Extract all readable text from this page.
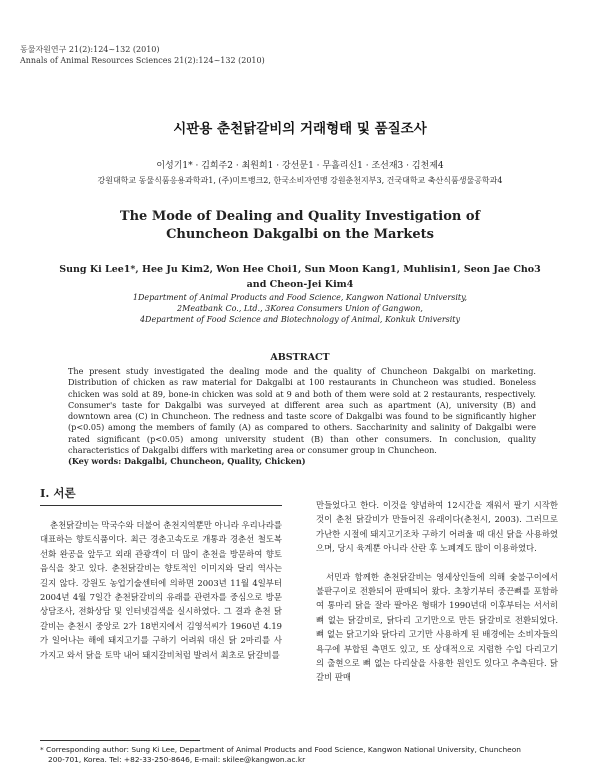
동물자원연구 21(2):124~132 (2010)
Annals of Animal Resources Sciences 21(2):124~132 (2010)
시판용 춘천닭갈비의 거래형태 및 품질조사
이성기1* · 김희주2 · 최원희1 · 강선문1 · 무흘리신1 · 조선재3 · 김천제4
강원대학교 동물식품응용과학과1, (주)미트뱅크2, 한국소비자연맹 강원춘천지부3, 건국대학교 축산식품생물공학과4
The Mode of Dealing and Quality Investigation of
Chuncheon Dakgalbi on the Markets
Sung Ki Lee1*, Hee Ju Kim2, Won Hee Choi1, Sun Moon Kang1, Muhlisin1, Seon Jae Cho3
and Cheon-Jei Kim4
1Department of Animal Products and Food Science, Kangwon National University,
2Meatbank Co., Ltd., 3Korea Consumers Union of Gangwon,
4Department of Food Science and Biotechnology of Animal, Konkuk University
ABSTRACT
The present study investigated the dealing mode and the quality of Chuncheon Dakgalbi on marketing. Distribution of chicken as raw material for Dakgalbi at 100 restaurants in Chuncheon was studied. Boneless chicken was sold at 89, bone-in chicken was sold at 9 and both of them were sold at 2 restaurants, respectively. Consumer's taste for Dakgalbi was surveyed at different area such as apartment (A), university (B) and downtown area (C) in Chuncheon. The redness and taste score of Dakgalbi was found to be significantly higher (p<0.05) among the members of family (A) as compared to others. Saccharinity and salinity of Dakgalbi were rated significant (p<0.05) among university student (B) than other consumers. In conclusion, quality characteristics of Dakgalbi differs with marketing area or consumer group in Chuncheon.
(Key words: Dakgalbi, Chuncheon, Quality, Chicken)
I. 서론

춘천닭갈비는 막국수와 더불어 춘천지역뿐만 아니라 우리나라를 대표하는 향토식품이다. 최근 경춘고속도로 개통과 경춘선 철도복선화 완공을 앞두고 외래 관광객이 더 많이 춘천을 방문하여 향토음식을 찾고 있다. 춘천닭갈비는 향토적인 이미지와 달리 역사는 길지 않다. 강원도 농업기술센터에 의하면 2003년 11월 4일부터 2004년 4월 7일간 춘천닭갈비의 유래를 관련자를 중심으로 방문상담조사, 전화상담 및 인터넷검색을 실시하였다. 그 결과 춘천 닭갈비는 춘천시 중앙로 2가 18번지에서 김영석씨가 1960년 4.19가 일어나는 해에 돼지고기를 구하기 어려워 대신 닭 2마리를 사 가지고 와서 닭을 토막 내어 돼지갈비처럼 발려서 최초로 닭갈비를

만들었다고 한다. 이것을 양념하여 12시간을 재워서 팔기 시작한 것이 춘천 닭갈비가 만들어진 유래이다(춘천시, 2003). 그러므로 가난한 시절에 돼지고기조차 구하기 어려울 때 대신 닭을 사용하였으며, 당시 육계뿐 아니라 산란 후 노폐계도 많이 이용하였다.

서민과 함께한 춘천닭갈비는 영세상인들에 의해 숯불구이에서 불판구이로 전환되어 판매되어 왔다. 초창기부터 중끈뼈를 포함하여 통마리 닭을 잘라 팔아온 형태가 1990년대 이후부터는 서서히 뼈 없는 닭갈비로, 닭다리 고기만으로 만든 닭갈비로 전환되었다. 뼈 없는 닭고기와 닭다리 고기만 사용하게 된 배경에는 소비자들의 욕구에 부합된 측면도 있고, 또 상대적으로 지렴한 수입 다리고기의 출현으로 뼈 없는 다리살을 사용한 원인도 있다고 추측된다. 닭갈비 판매

* Corresponding author: Sung Ki Lee, Department of Animal Products and Food Science, Kangwon National University, Chuncheon
200-701, Korea. Tel: +82-33-250-8646, E-mail: skilee@kangwon.ac.kr
